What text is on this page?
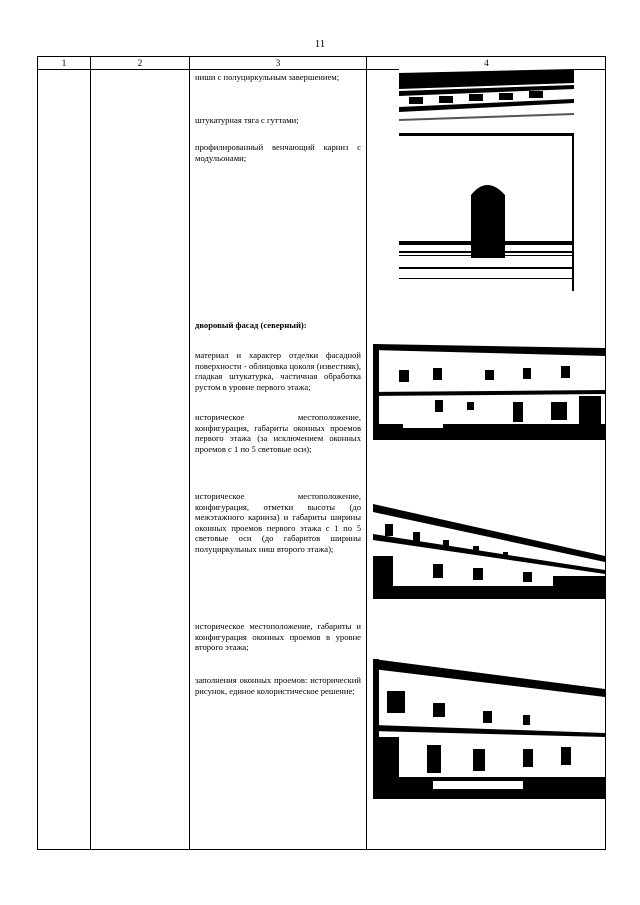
11
1	2	3	4

ниши с полуциркульным завершением;

штукатурная тяга с гуттами;

профилированный венчающий карниз с модульонами;

дворовый фасад (северный):

материал и характер отделки фасадной поверхности - облицовка цоколя (известняк), гладкая штукатурка, частичная обработка рустом в уровне первого этажа;

историческое местоположение, конфигурация, габариты оконных проемов первого этажа (за исключением оконных проемов с 1 по 5 световые оси);

историческое местоположение, конфигурация, отметки высоты (до межэтажного карниза) и габариты ширины оконных проемов первого этажа с 1 по 5 световые оси (до габаритов ширины полуциркульных ниш второго этажа);

историческое местоположение, габариты и конфигурация оконных проемов в уровне второго этажа;

заполнения оконных проемов: исторический рисунок, единое колористическое решение;
